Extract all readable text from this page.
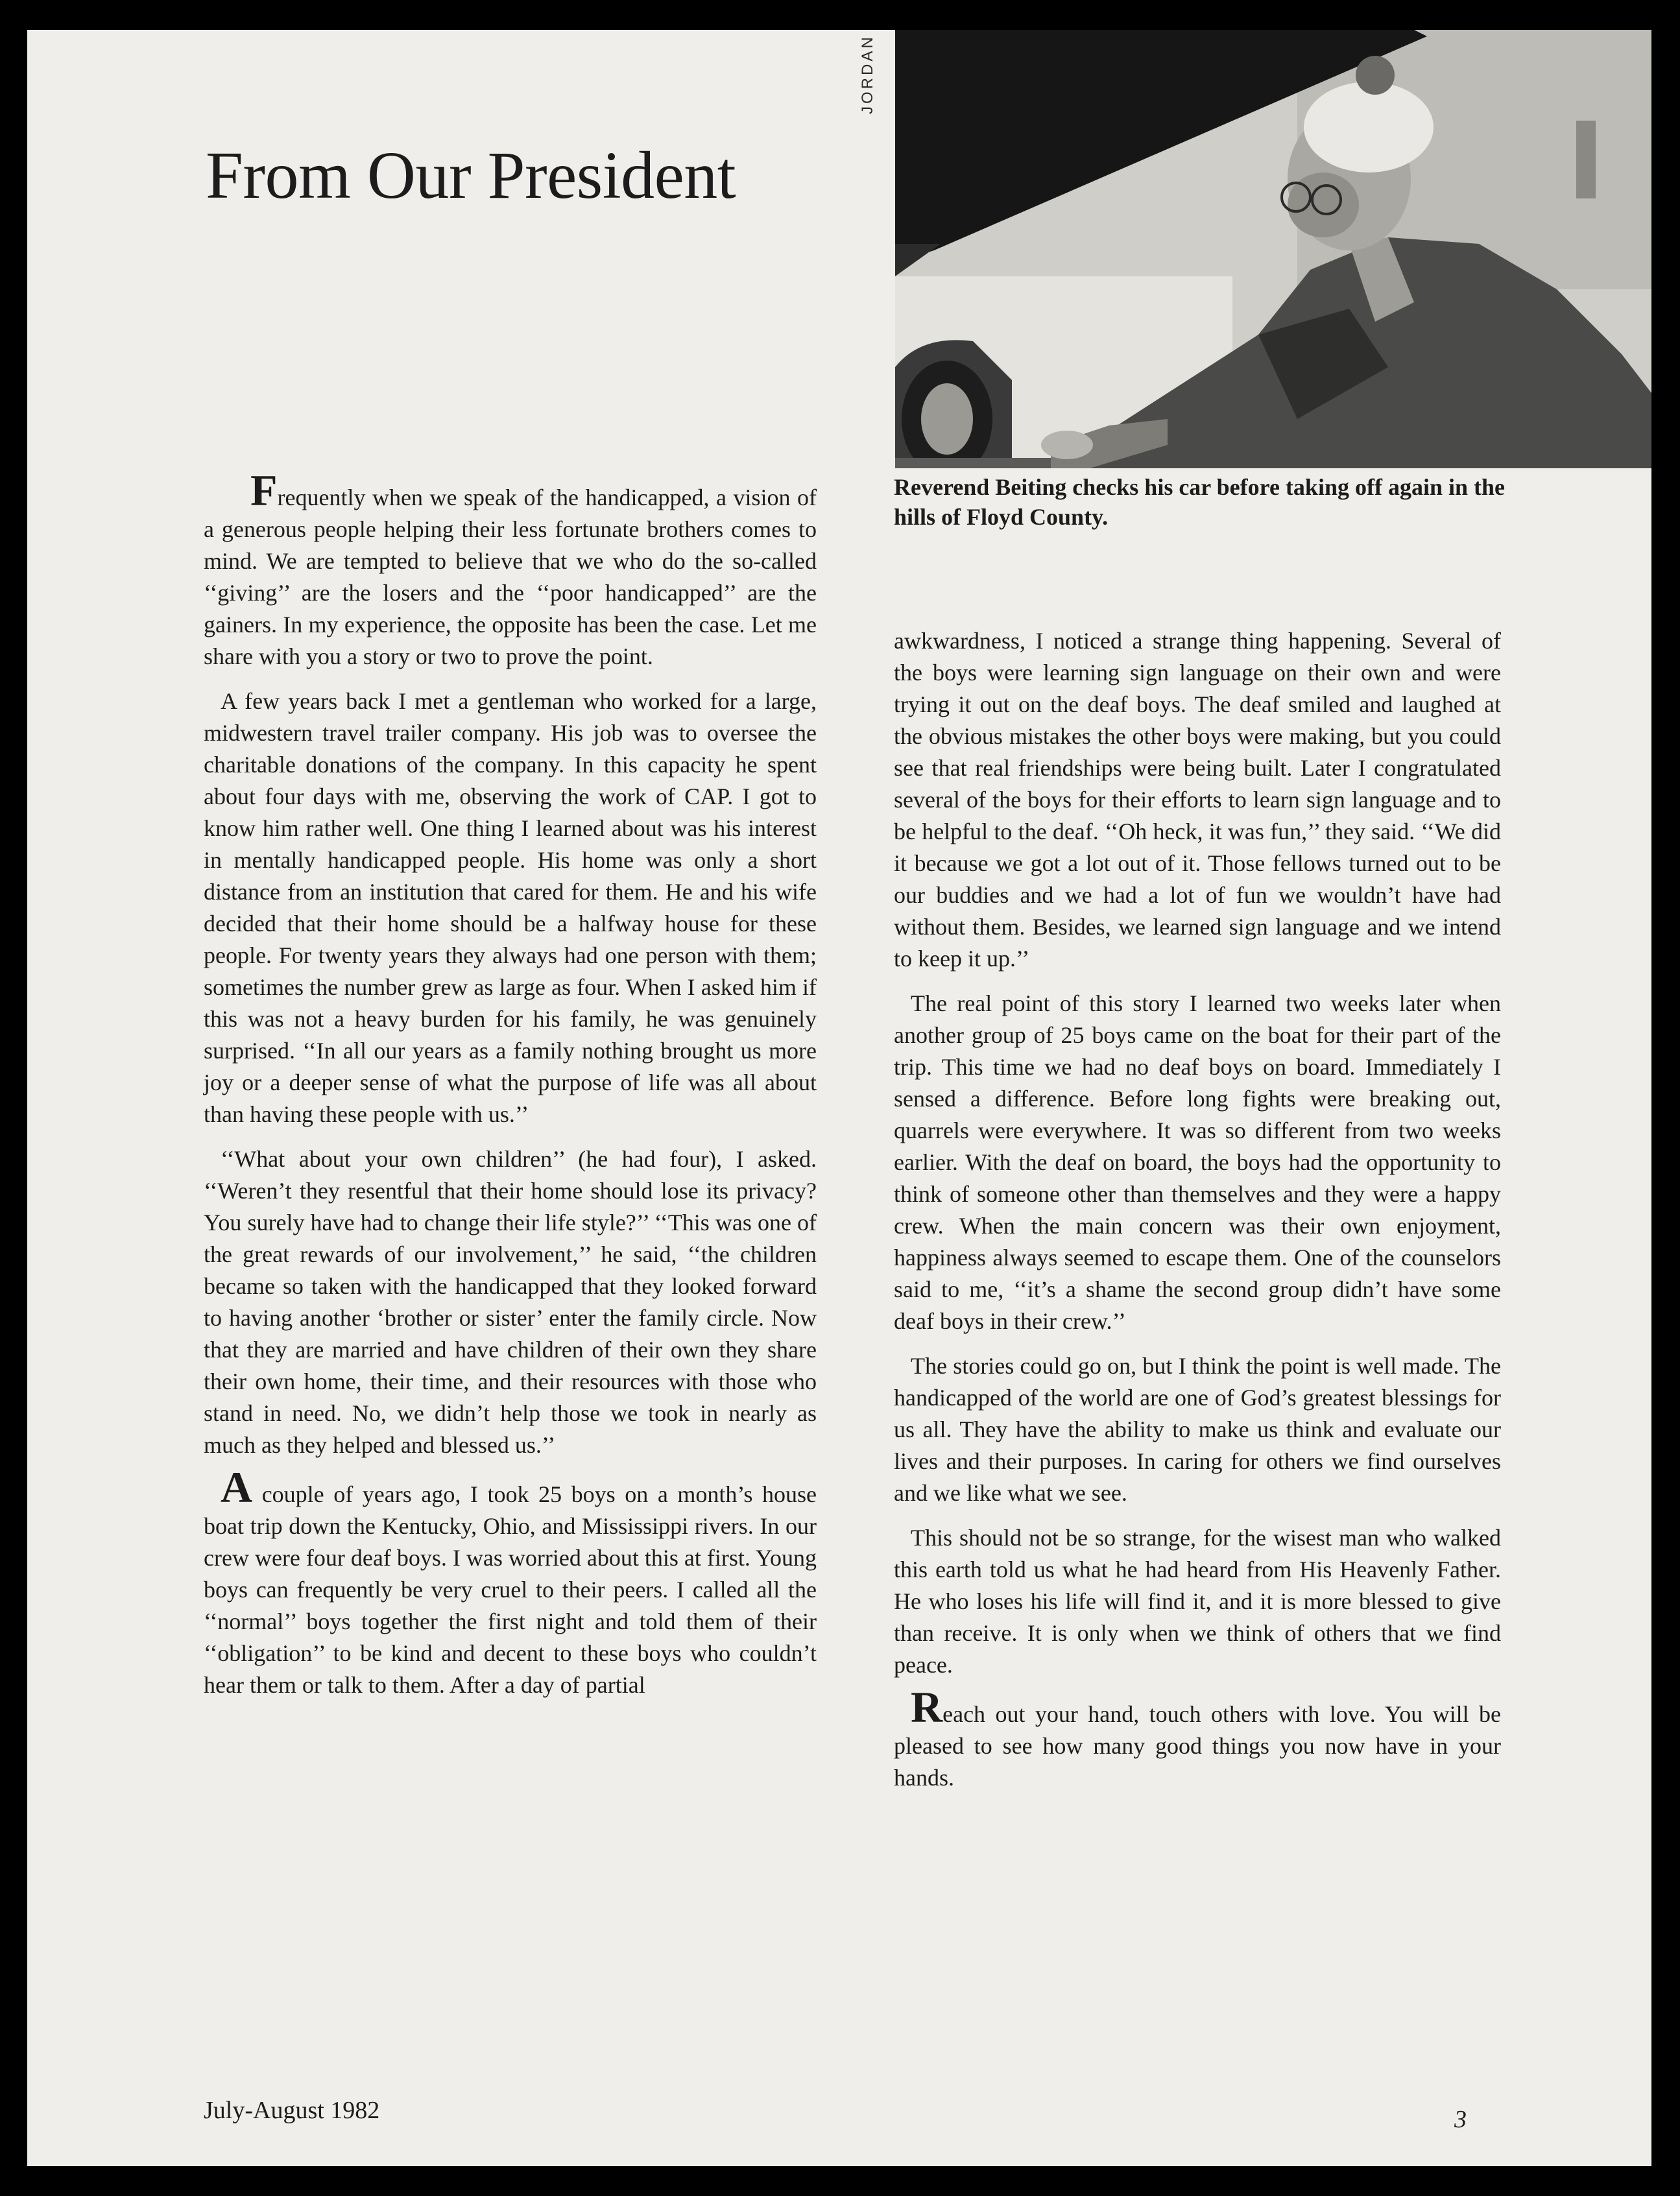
From Our President
JORDAN
Reverend Beiting checks his car before taking off again in the hills of Floyd County.

Frequently when we speak of the handicapped, a vision of a generous people helping their less fortunate brothers comes to mind. We are tempted to believe that we who do the so-called ‘‘giving’’ are the losers and the ‘‘poor handicapped’’ are the gainers. In my experience, the opposite has been the case. Let me share with you a story or two to prove the point.

A few years back I met a gentleman who worked for a large, midwestern travel trailer company. His job was to oversee the charitable donations of the company. In this capacity he spent about four days with me, observing the work of CAP. I got to know him rather well. One thing I learned about was his interest in mentally handicapped people. His home was only a short distance from an institution that cared for them. He and his wife decided that their home should be a halfway house for these people. For twenty years they always had one person with them; sometimes the number grew as large as four. When I asked him if this was not a heavy burden for his family, he was genuinely surprised. ‘‘In all our years as a family nothing brought us more joy or a deeper sense of what the purpose of life was all about than having these people with us.’’

‘‘What about your own children’’ (he had four), I asked. ‘‘Weren’t they resentful that their home should lose its privacy? You surely have had to change their life style?’’ ‘‘This was one of the great rewards of our involvement,’’ he said, ‘‘the children became so taken with the handicapped that they looked forward to having another ‘brother or sister’ enter the family circle. Now that they are married and have children of their own they share their own home, their time, and their resources with those who stand in need. No, we didn’t help those we took in nearly as much as they helped and blessed us.’’

A couple of years ago, I took 25 boys on a month’s house boat trip down the Kentucky, Ohio, and Mississippi rivers. In our crew were four deaf boys. I was worried about this at first. Young boys can frequently be very cruel to their peers. I called all the ‘‘normal’’ boys together the first night and told them of their ‘‘obligation’’ to be kind and decent to these boys who couldn’t hear them or talk to them. After a day of partial

awkwardness, I noticed a strange thing happening. Several of the boys were learning sign language on their own and were trying it out on the deaf boys. The deaf smiled and laughed at the obvious mistakes the other boys were making, but you could see that real friendships were being built. Later I congratulated several of the boys for their efforts to learn sign language and to be helpful to the deaf. ‘‘Oh heck, it was fun,’’ they said. ‘‘We did it because we got a lot out of it. Those fellows turned out to be our buddies and we had a lot of fun we wouldn’t have had without them. Besides, we learned sign language and we intend to keep it up.’’

The real point of this story I learned two weeks later when another group of 25 boys came on the boat for their part of the trip. This time we had no deaf boys on board. Immediately I sensed a difference. Before long fights were breaking out, quarrels were everywhere. It was so different from two weeks earlier. With the deaf on board, the boys had the opportunity to think of someone other than themselves and they were a happy crew. When the main concern was their own enjoyment, happiness always seemed to escape them. One of the counselors said to me, ‘‘it’s a shame the second group didn’t have some deaf boys in their crew.’’

The stories could go on, but I think the point is well made. The handicapped of the world are one of God’s greatest blessings for us all. They have the ability to make us think and evaluate our lives and their purposes. In caring for others we find ourselves and we like what we see.

This should not be so strange, for the wisest man who walked this earth told us what he had heard from His Heavenly Father. He who loses his life will find it, and it is more blessed to give than receive. It is only when we think of others that we find peace.

Reach out your hand, touch others with love. You will be pleased to see how many good things you now have in your hands.

July-August 1982	3
